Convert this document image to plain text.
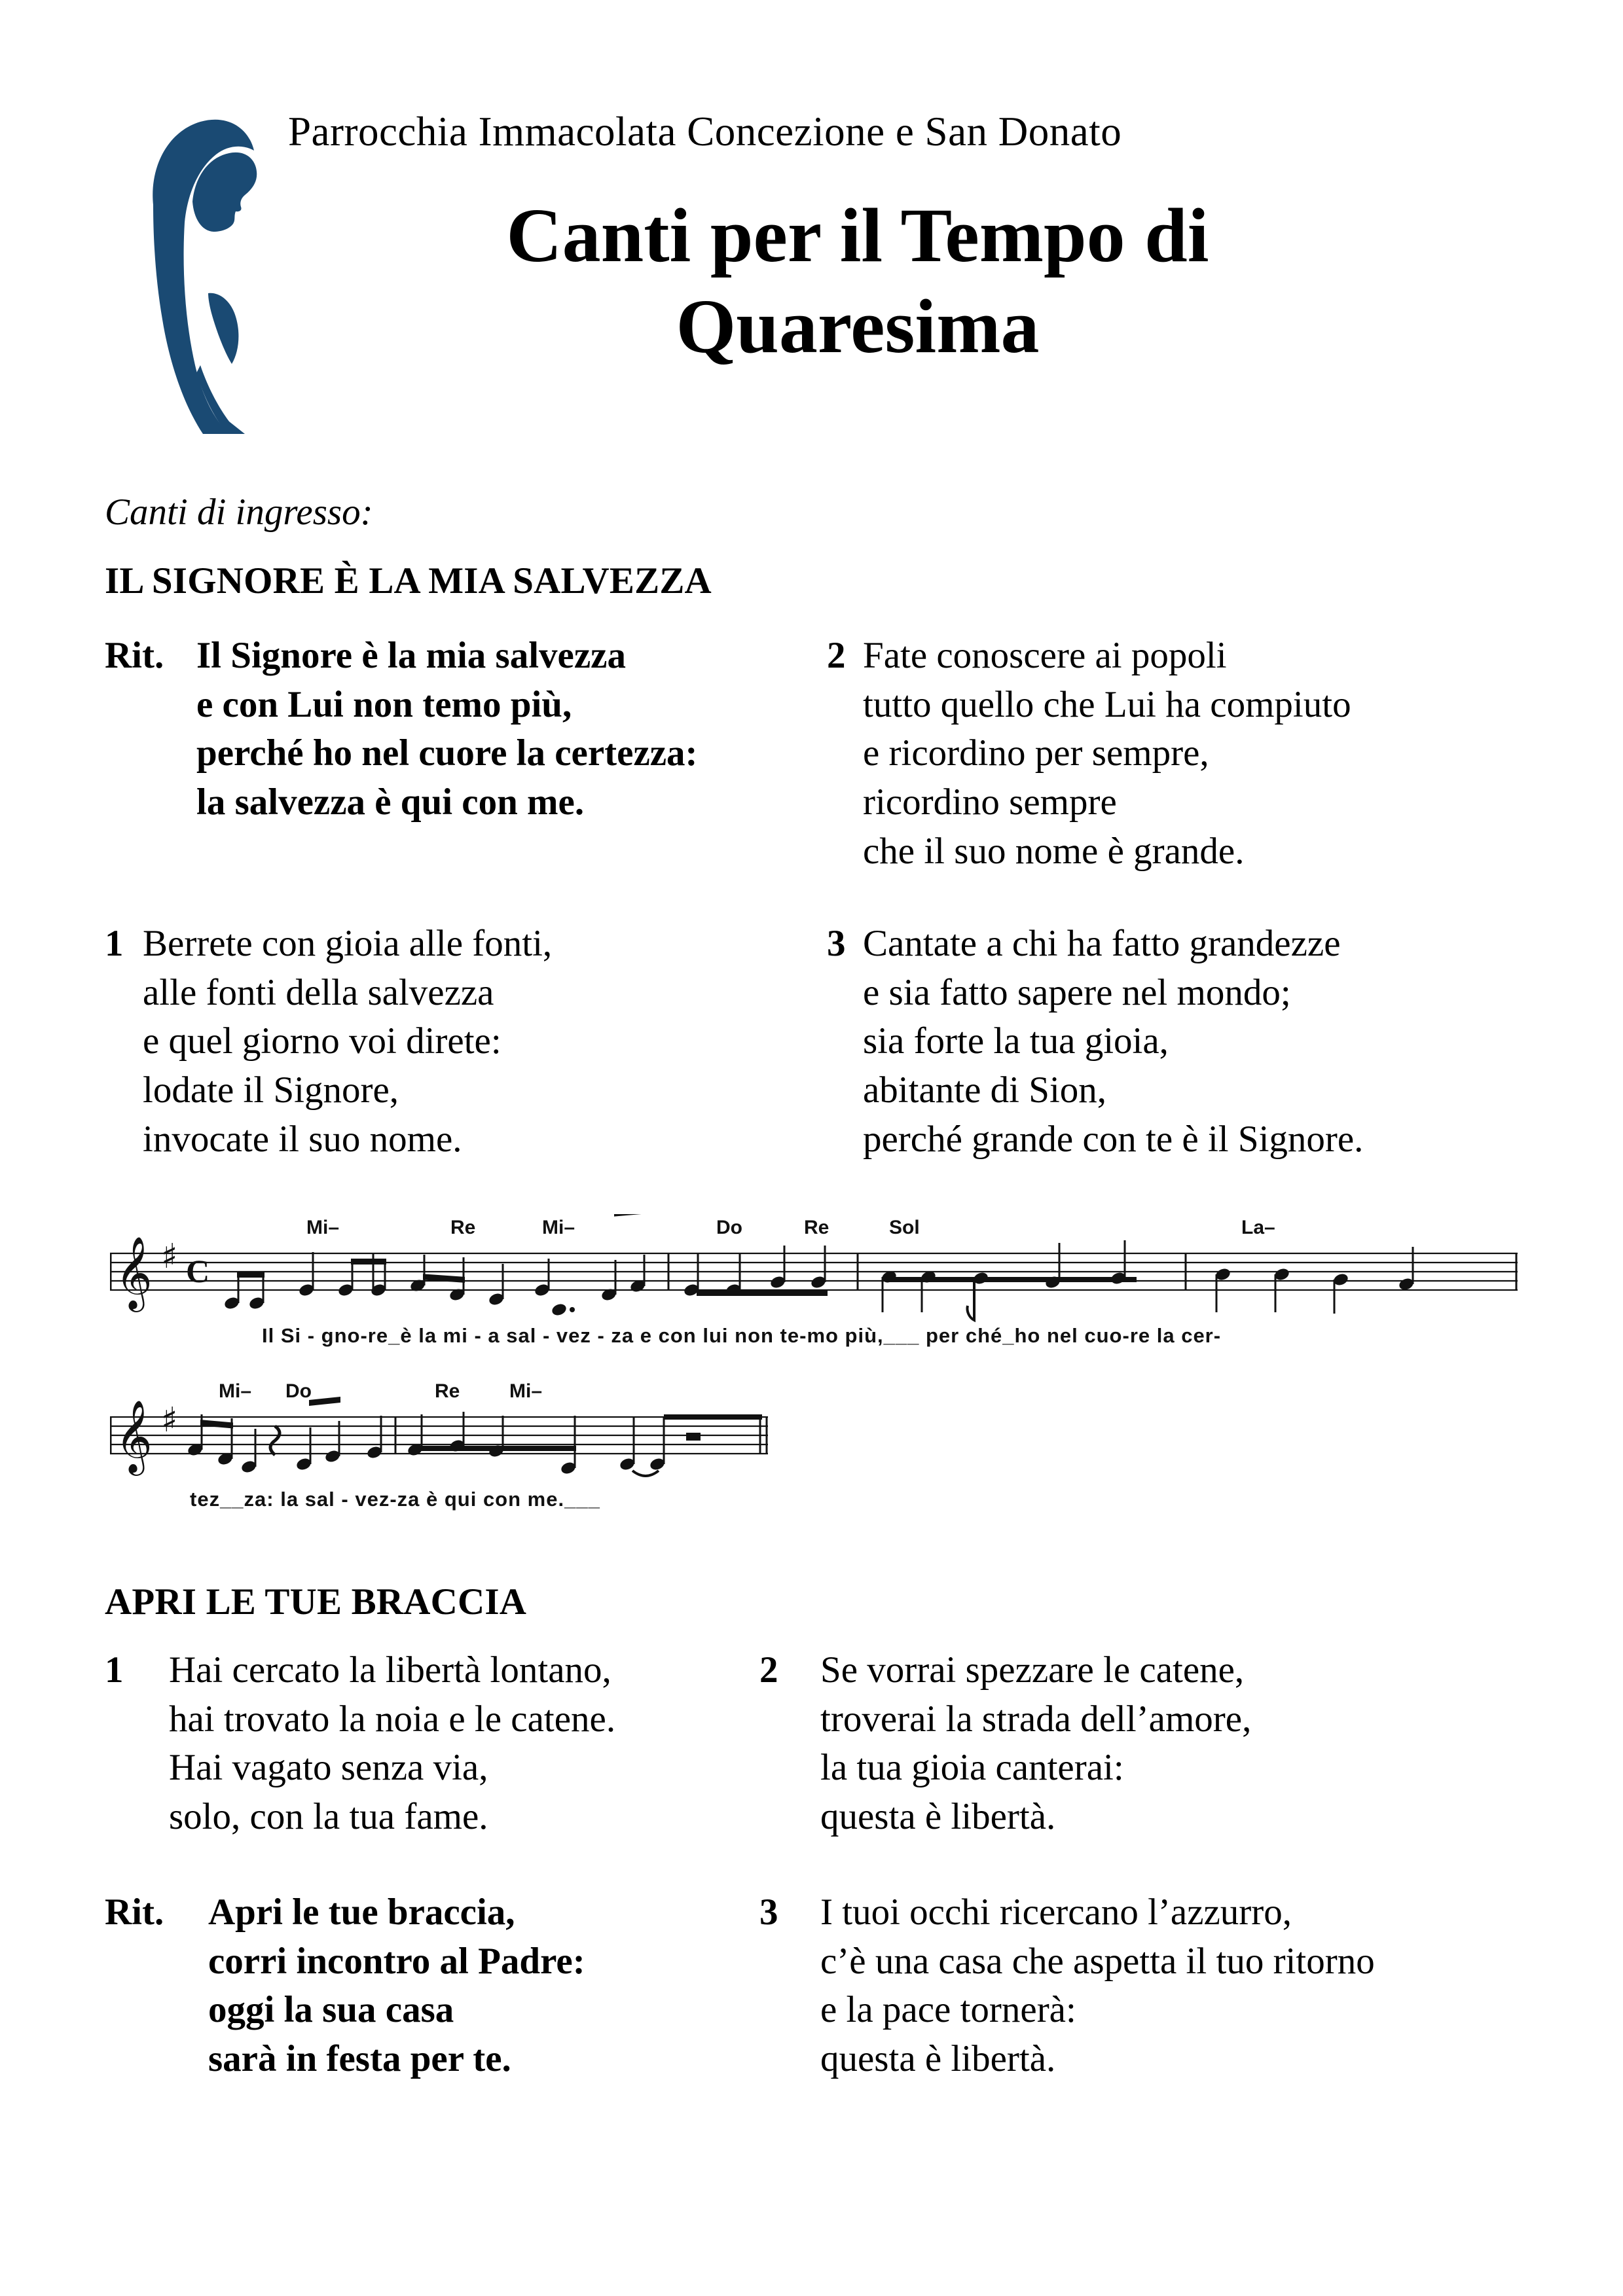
Parrocchia Immacolata Concezione e San Donato
Canti per il Tempo di
Quaresima
Canti di ingresso:
IL SIGNORE È LA MIA SALVEZZA
Rit. Il Signore è la mia salvezza
e con Lui non temo più,
perché ho nel cuore la certezza:
la salvezza è qui con me.
2 Fate conoscere ai popoli
tutto quello che Lui ha compiuto
e ricordino per sempre,
ricordino sempre
che il suo nome è grande.
1 Berrete con gioia alle fonti,
alle fonti della salvezza
e quel giorno voi direte:
lodate il Signore,
invocate il suo nome.
3 Cantate a chi ha fatto grandezze
e sia fatto sapere nel mondo;
sia forte la tua gioia,
abitante di Sion,
perché grande con te è il Signore.
𝄞 ♯ C
Mi–	Re	Mi–	Do	Re	Sol	La–
Il Si - gno-re_è la mi - a sal - vez - za e con lui non te-mo più,___ per ché_ho nel cuo-re la cer-
𝄞 ♯
Mi– Do	Re	Mi–
tez__za: la sal - vez-za è qui con me.___
APRI LE TUE BRACCIA
1 Hai cercato la libertà lontano,
hai trovato la noia e le catene.
Hai vagato senza via,
solo, con la tua fame.
2 Se vorrai spezzare le catene,
troverai la strada dell’amore,
la tua gioia canterai:
questa è libertà.
Rit. Apri le tue braccia,
corri incontro al Padre:
oggi la sua casa
sarà in festa per te.
3 I tuoi occhi ricercano l’azzurro,
c’è una casa che aspetta il tuo ritorno
e la pace tornerà:
questa è libertà.
